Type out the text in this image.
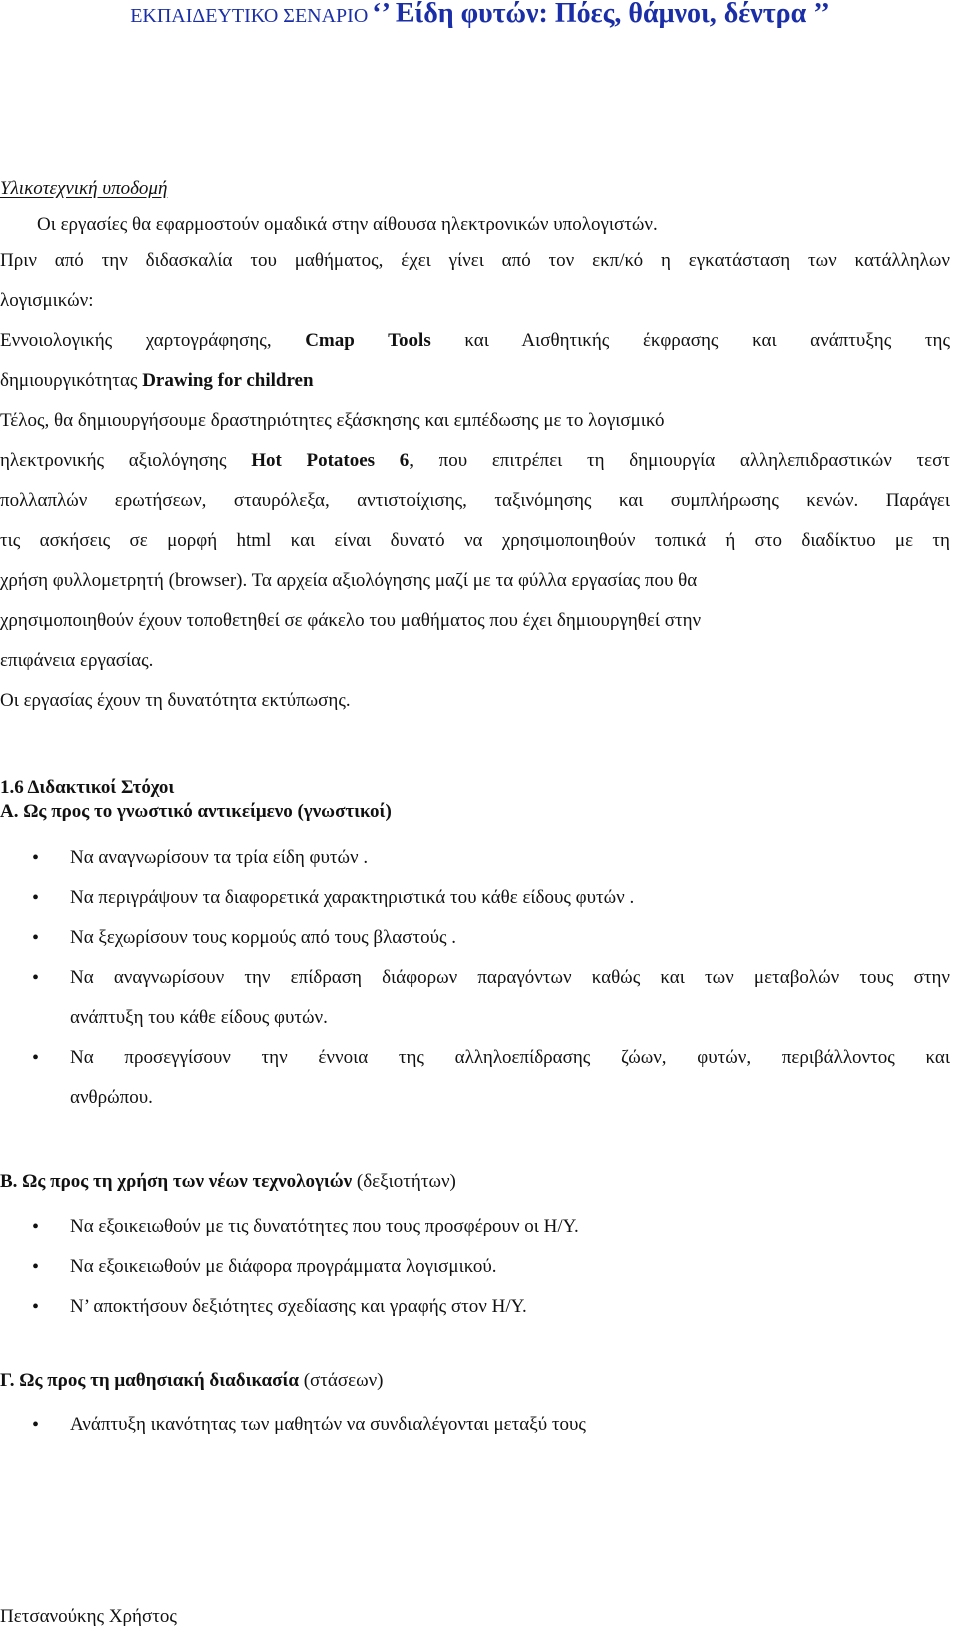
ΕΚΠΑΙΔΕΥΤΙΚΟ ΣΕΝΑΡΙΟ ‘’ Είδη φυτών: Πόες, θάμνοι, δέντρα ’’

Υλικοτεχνική υποδομή

Οι εργασίες θα εφαρμοστούν ομαδικά στην αίθουσα ηλεκτρονικών υπολογιστών.
Πριν από την διδασκαλία του μαθήματος, έχει γίνει από τον εκπ/κό η εγκατάσταση των κατάλληλων
λογισμικών:
Εννοιολογικής χαρτογράφησης, Cmap Tools και Αισθητικής έκφρασης και ανάπτυξης της
δημιουργικότητας Drawing for children
Τέλος, θα δημιουργήσουμε δραστηριότητες εξάσκησης και εμπέδωσης με το λογισμικό
ηλεκτρονικής αξιολόγησης Hot Potatoes 6, που επιτρέπει τη δημιουργία αλληλεπιδραστικών τεστ
πολλαπλών ερωτήσεων, σταυρόλεξα, αντιστοίχισης, ταξινόμησης και συμπλήρωσης κενών. Παράγει
τις ασκήσεις σε μορφή html και είναι δυνατό να χρησιμοποιηθούν τοπικά ή στο διαδίκτυο με τη
χρήση φυλλομετρητή (browser). Τα αρχεία αξιολόγησης μαζί με τα φύλλα εργασίας που θα
χρησιμοποιηθούν έχουν τοποθετηθεί σε φάκελο του μαθήματος που έχει δημιουργηθεί στην
επιφάνεια εργασίας.
Οι εργασίας έχουν τη δυνατότητα εκτύπωσης.

1.6 Διδακτικοί Στόχοι

Α. Ως προς το γνωστικό αντικείμενο (γνωστικοί)

• Να αναγνωρίσουν τα τρία είδη φυτών .
• Να περιγράψουν τα διαφορετικά χαρακτηριστικά του κάθε είδους φυτών .
• Να ξεχωρίσουν τους κορμούς από τους βλαστούς .
• Να αναγνωρίσουν την επίδραση διάφορων παραγόντων καθώς και των μεταβολών τους στην
ανάπτυξη του κάθε είδους φυτών.
• Να προσεγγίσουν την έννοια της αλληλοεπίδρασης ζώων, φυτών, περιβάλλοντος και
ανθρώπου.

Β. Ως προς τη χρήση των νέων τεχνολογιών (δεξιοτήτων)

• Να εξοικειωθούν με τις δυνατότητες που τους προσφέρουν οι Η/Υ.
• Να εξοικειωθούν με διάφορα προγράμματα λογισμικού.
• Ν’ αποκτήσουν δεξιότητες σχεδίασης και γραφής στον Η/Υ.

Γ. Ως προς τη μαθησιακή διαδικασία (στάσεων)

• Ανάπτυξη ικανότητας των μαθητών να συνδιαλέγονται μεταξύ τους

Πετσανούκης Χρήστος
